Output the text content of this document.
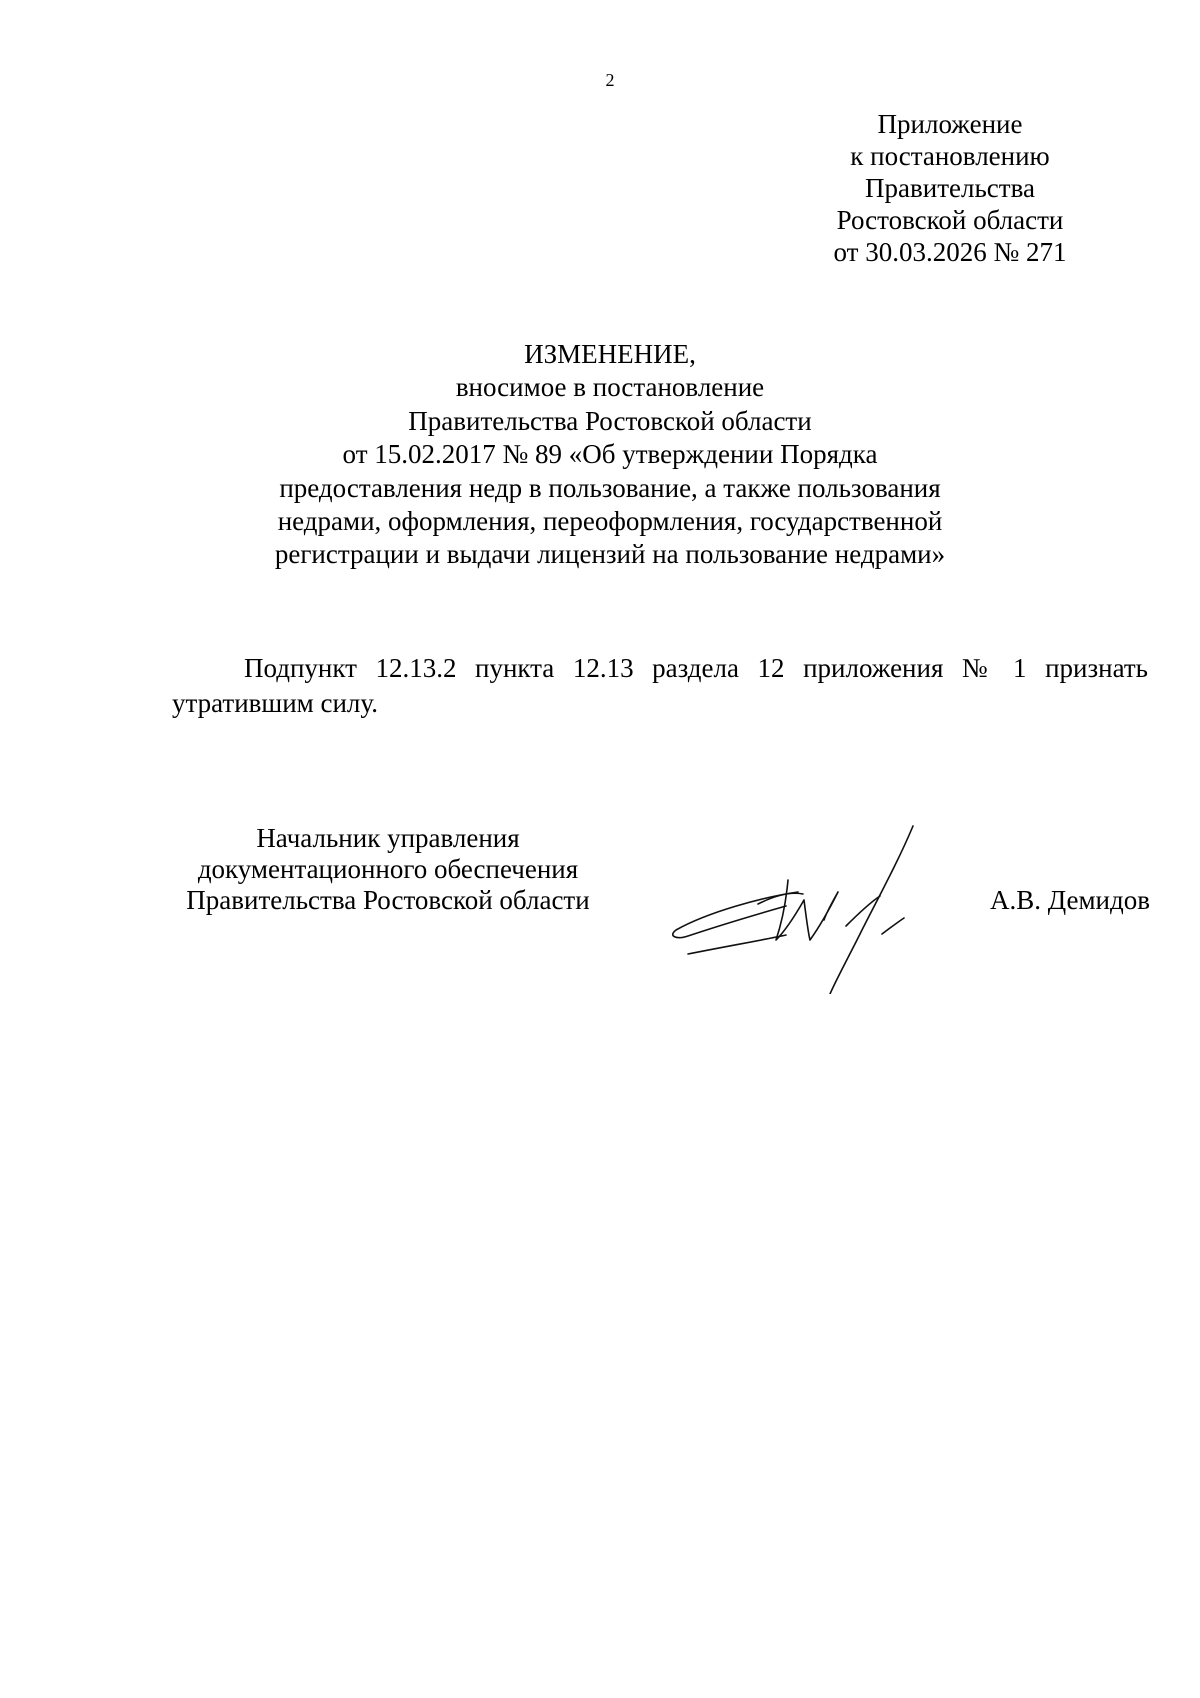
2
Приложение
к постановлению
Правительства
Ростовской области
от 30.03.2026 № 271
ИЗМЕНЕНИЕ,
вносимое в постановление
Правительства Ростовской области
от 15.02.2017 № 89 «Об утверждении Порядка
предоставления недр в пользование, а также пользования
недрами, оформления, переоформления, государственной
регистрации и выдачи лицензий на пользование недрами»
Подпункт 12.13.2 пункта 12.13 раздела 12 приложения № 1 признать
утратившим силу.
Начальник управления
документационного обеспечения
Правительства Ростовской области	А.В. Демидов
